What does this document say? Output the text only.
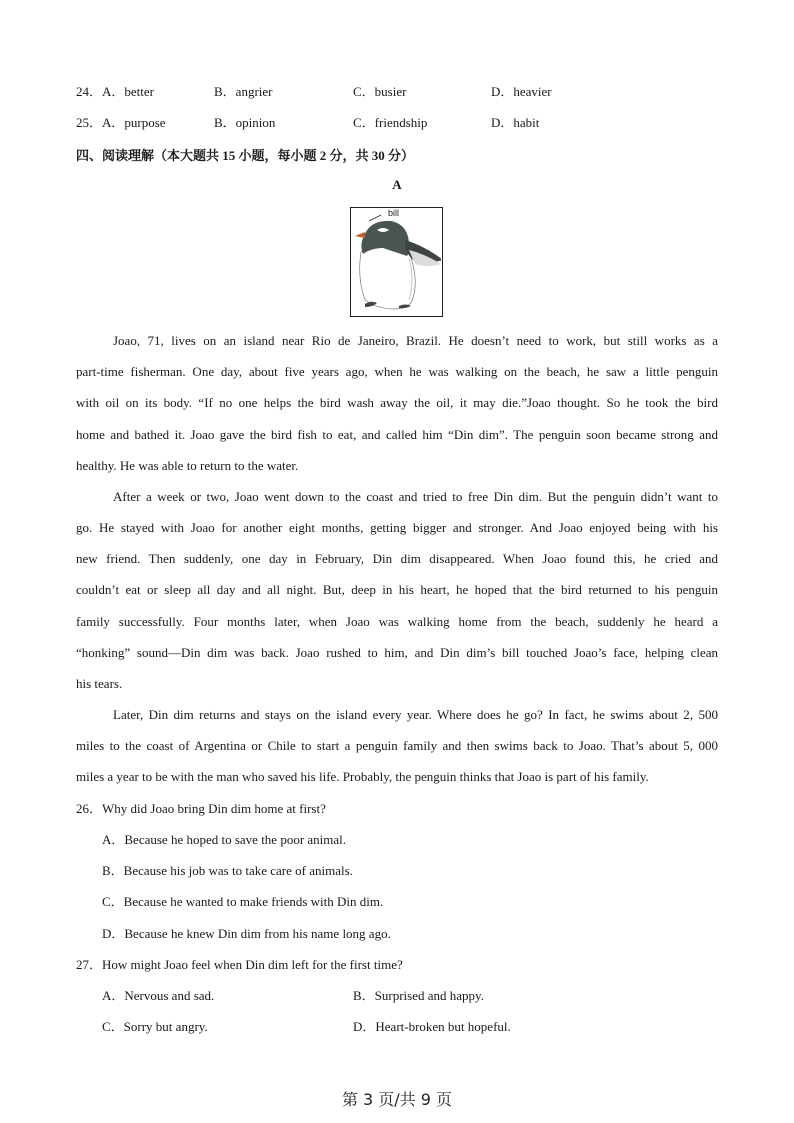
24． A．better	B．angrier	C．busier	D．heavier
25． A．purpose	B．opinion	C．friendship	D．habit
四、阅读理解（本大题共 15 小题，每小题 2 分，共 30 分）
A
bill
Joao, 71, lives on an island near Rio de Janeiro, Brazil. He doesn’t need to work, but still works as a
part-time fisherman. One day, about five years ago, when he was walking on the beach, he saw a little penguin
with oil on its body. “If no one helps the bird wash away the oil, it may die.”Joao thought. So he took the bird
home and bathed it. Joao gave the bird fish to eat, and called him “Din dim”. The penguin soon became strong and
healthy. He was able to return to the water.
After a week or two, Joao went down to the coast and tried to free Din dim. But the penguin didn’t want to
go. He stayed with Joao for another eight months, getting bigger and stronger. And Joao enjoyed being with his
new friend. Then suddenly, one day in February, Din dim disappeared. When Joao found this, he cried and
couldn’t eat or sleep all day and all night. But, deep in his heart, he hoped that the bird returned to his penguin
family successfully. Four months later, when Joao was walking home from the beach, suddenly he heard a
“honking” sound—Din dim was back. Joao rushed to him, and Din dim’s bill touched Joao’s face, helping clean
his tears.
Later, Din dim returns and stays on the island every year. Where does he go? In fact, he swims about 2, 500
miles to the coast of Argentina or Chile to start a penguin family and then swims back to Joao. That’s about 5, 000
miles a year to be with the man who saved his life. Probably, the penguin thinks that Joao is part of his family.
26．Why did Joao bring Din dim home at first?
A．Because he hoped to save the poor animal.
B．Because his job was to take care of animals.
C．Because he wanted to make friends with Din dim.
D．Because he knew Din dim from his name long ago.
27．How might Joao feel when Din dim left for the first time?
A．Nervous and sad.	B．Surprised and happy.
C．Sorry but angry.	D．Heart-broken but hopeful.
第 3 页/共 9 页
